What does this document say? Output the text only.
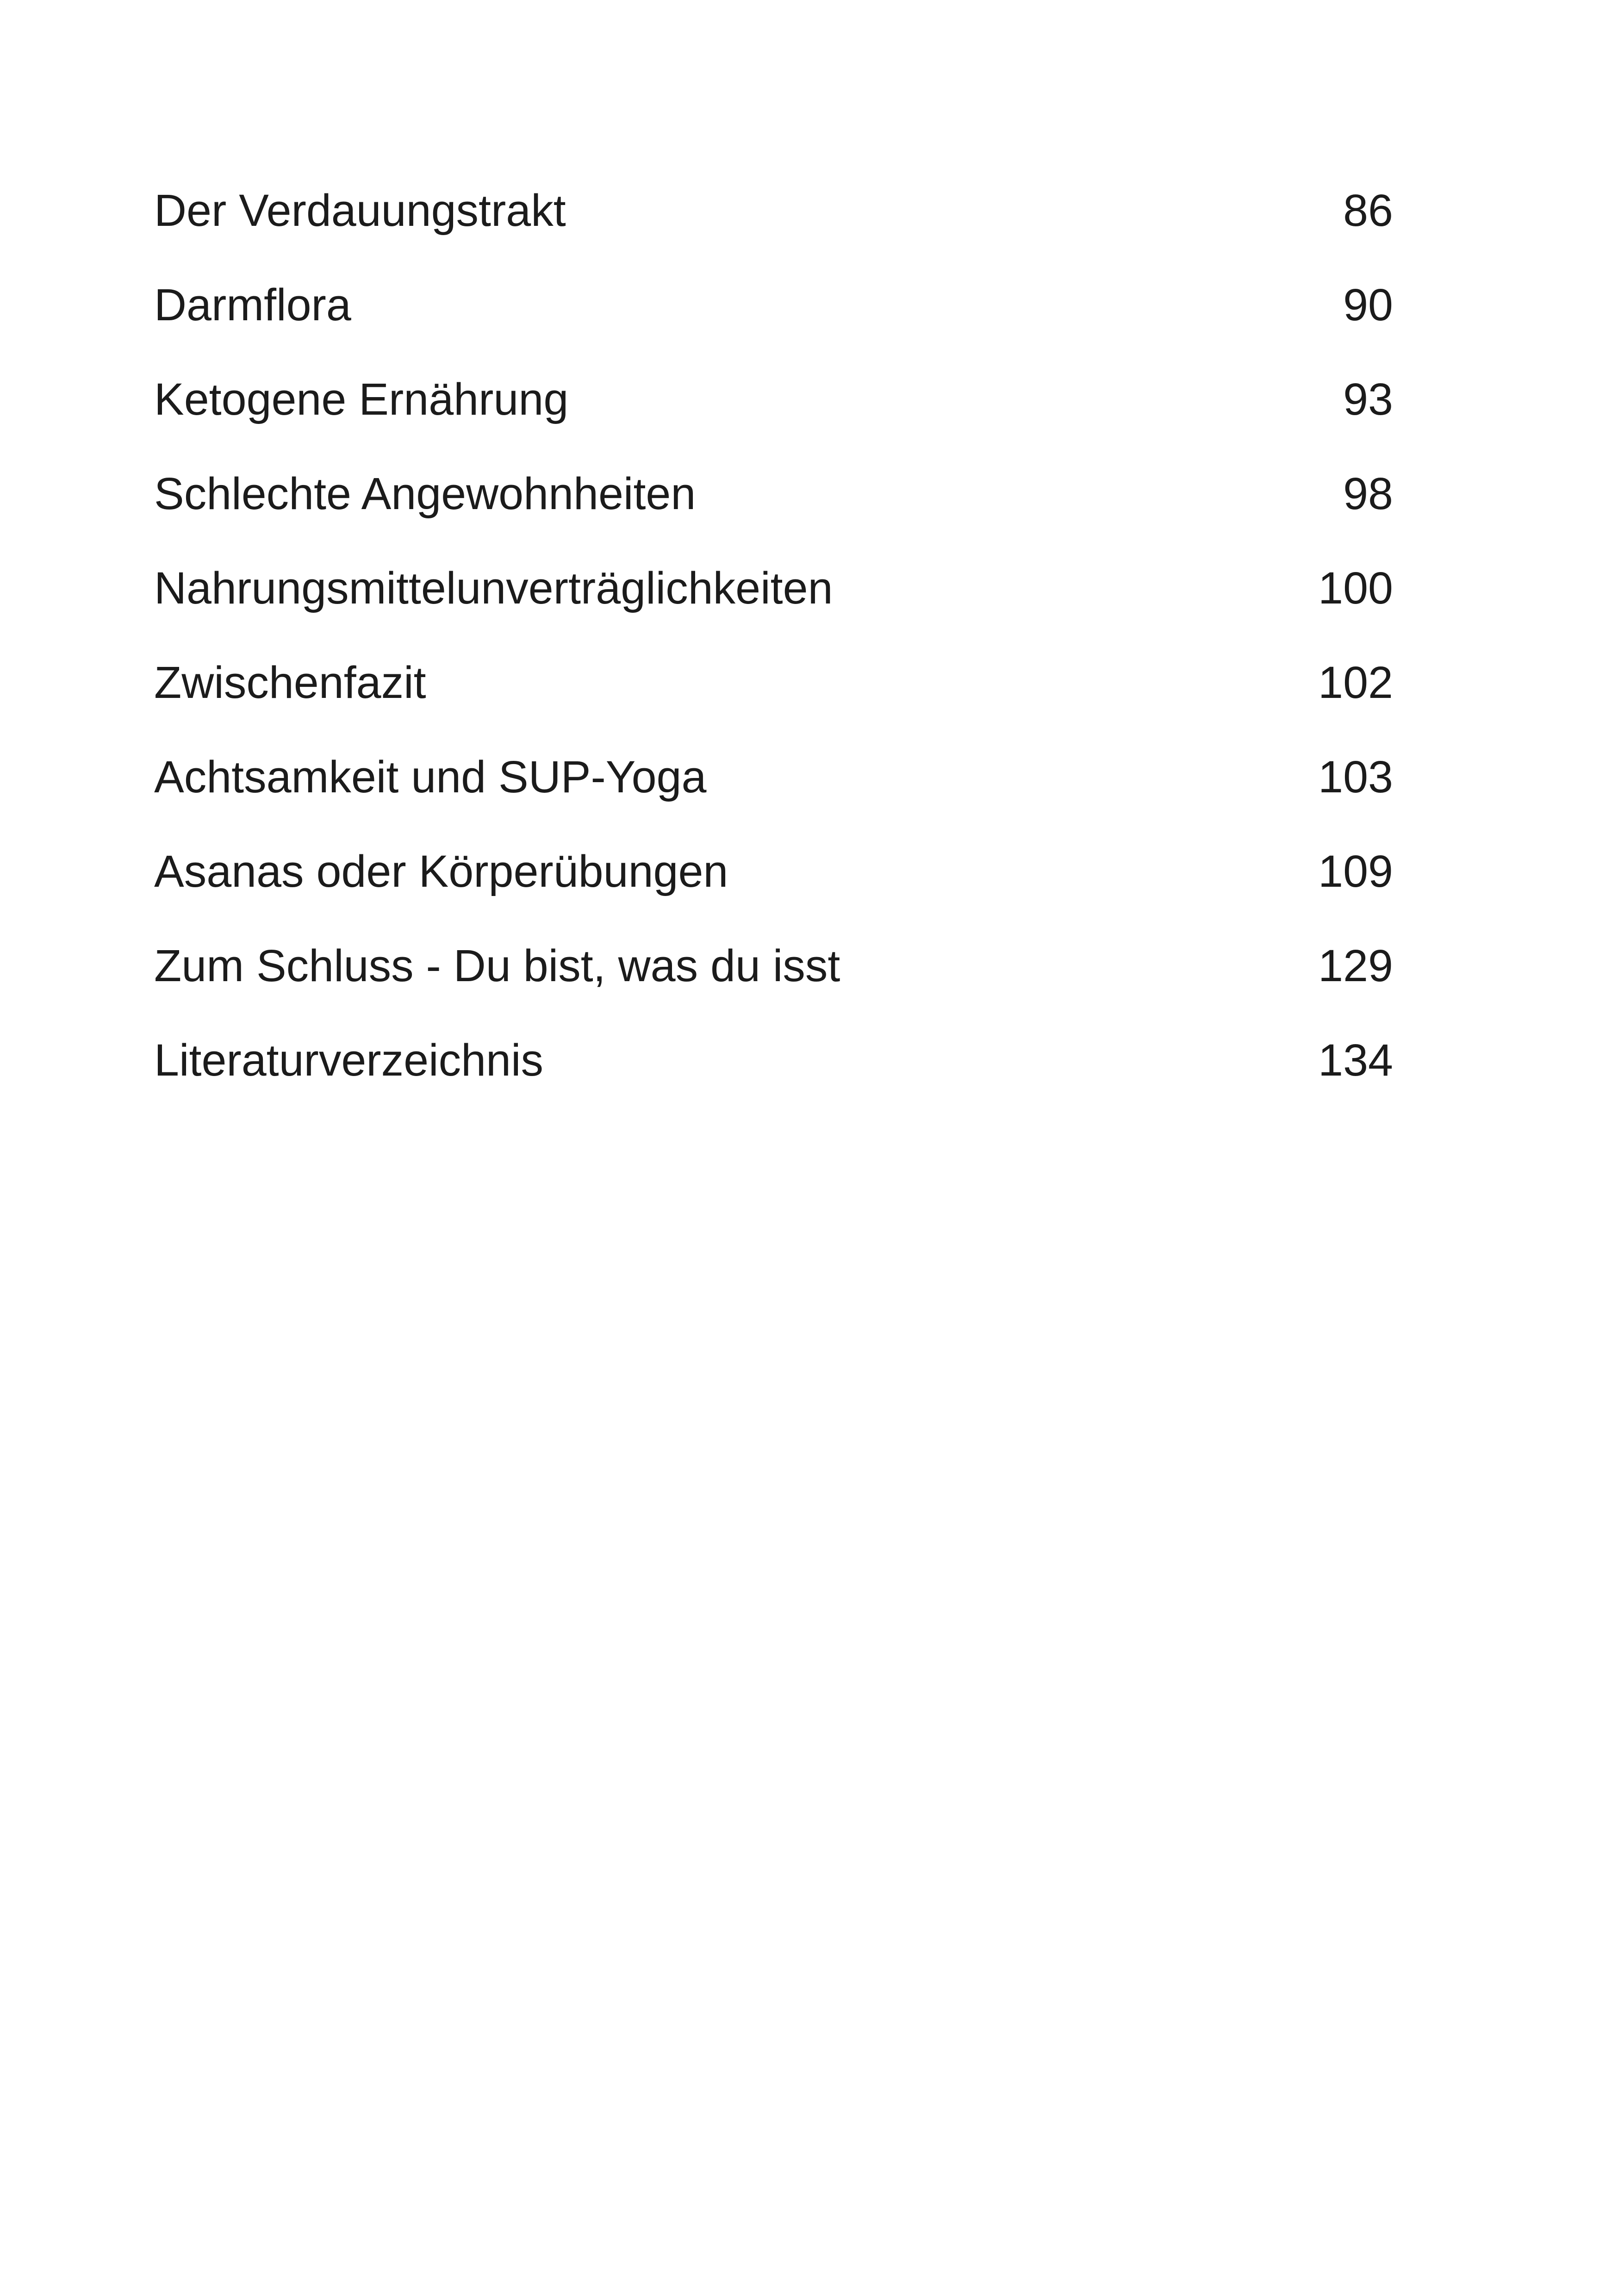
Der Verdauungstrakt	86
Darmflora	90
Ketogene Ernährung	93
Schlechte Angewohnheiten	98
Nahrungsmittelunverträglichkeiten	100
Zwischenfazit	102
Achtsamkeit und SUP-Yoga	103
Asanas oder Körperübungen	109
Zum Schluss - Du bist, was du isst	129
Literaturverzeichnis	134
